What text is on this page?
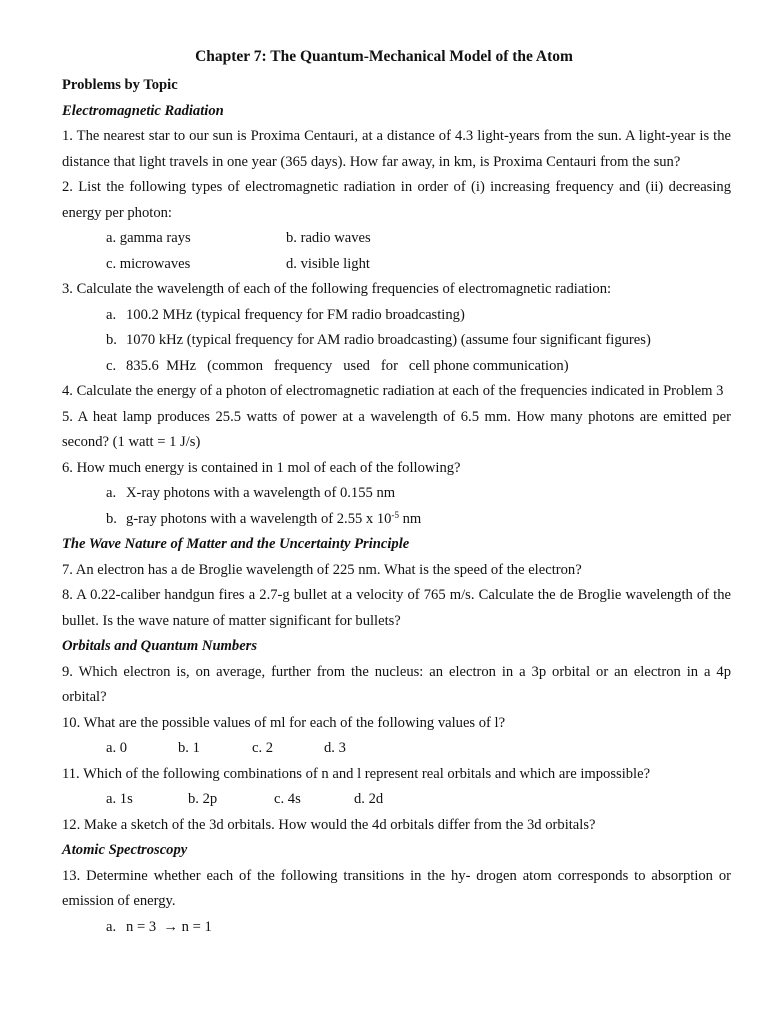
Chapter 7: The Quantum-Mechanical Model of the Atom
Problems by Topic
Electromagnetic Radiation
1. The nearest star to our sun is Proxima Centauri, at a distance of 4.3 light-years from the sun. A light-year is the distance that light travels in one year (365 days). How far away, in km, is Proxima Centauri from the sun?
2. List the following types of electromagnetic radiation in order of (i) increasing frequency and (ii) decreasing energy per photon:
a. gamma rays	b. radio waves
c. microwaves	d. visible light
3. Calculate the wavelength of each of the following frequencies of electromagnetic radiation:
a. 100.2 MHz (typical frequency for FM radio broadcasting)
b. 1070 kHz (typical frequency for AM radio broadcasting) (assume four significant figures)
c. 835.6  MHz   (common   frequency   used   for   cell phone communication)
4. Calculate the energy of a photon of electromagnetic radiation at each of the frequencies indicated in Problem 3
5. A heat lamp produces 25.5 watts of power at a wavelength of 6.5 mm. How many photons are emitted per second? (1 watt = 1 J/s)
6. How much energy is contained in 1 mol of each of the following?
a. X-ray photons with a wavelength of 0.155 nm
b. g-ray photons with a wavelength of 2.55 x $10^{-5}$ nm
The Wave Nature of Matter and the Uncertainty Principle
7. An electron has a de Broglie wavelength of 225 nm. What is the speed of the electron?
8. A 0.22-caliber handgun fires a 2.7-g bullet at a velocity of 765 m/s. Calculate the de Broglie wavelength of the bullet. Is the wave nature of matter significant for bullets?
Orbitals and Quantum Numbers
9. Which electron is, on average, further from the nucleus: an electron in a 3p orbital or an electron in a 4p orbital?
10. What are the possible values of ml for each of the following values of l?
a. 0	b. 1	c. 2	d. 3
11. Which of the following combinations of n and l represent real orbitals and which are impossible?
a. 1s	b. 2p	c. 4s	d. 2d
12. Make a sketch of the 3d orbitals. How would the 4d orbitals differ from the 3d orbitals?
Atomic Spectroscopy
13. Determine whether each of the following transitions in the hy- drogen atom corresponds to absorption or emission of energy.
a. n = 3  → n = 1
